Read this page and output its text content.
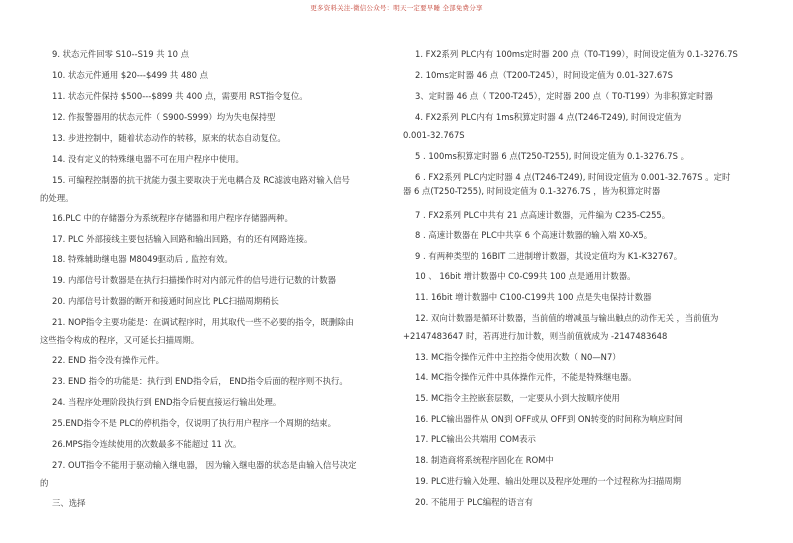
更多资料关注-微信公众号：明天一定要早睡 全部免费分享
9. 状态元件回零 S10--S19 共 10 点
10. 状态元件通用 $20---$499 共 480 点
11. 状态元件保持 $500---$899 共 400 点，需要用 RST指令复位。
12. 作报警器用的状态元件（ S900-S999）均为失电保持型
13. 步进控制中，随着状态动作的转移，原来的状态自动复位。
14. 没有定义的特殊继电器不可在用户程序中使用。
15. 可编程控制器的抗干扰能力强主要取决于光电耦合及 RC滤波电路对输入信号
的处理。
16.PLC 中的存储器分为系统程序存储器和用户程序存储器两种。
17. PLC 外部接线主要包括输入回路和输出回路，有的还有网路连接。
18. 特殊辅助继电器 M8049驱动后 , 监控有效。
19. 内部信号计数器是在执行扫描操作时对内部元件的信号进行记数的计数器
20. 内部信号计数器的断开和接通时间应比 PLC扫描周期稍长
21. NOP指令主要功能是：在调试程序时，用其取代一些不必要的指令，既删除由
这些指令构成的程序，又可延长扫描周期。
22. END 指令没有操作元件。
23. END 指令的功能是：执行到 END指令后， END指令后面的程序则不执行。
24. 当程序处理阶段执行到 END指令后便直接运行输出处理。
25.END指令不是 PLC的停机指令，仅说明了执行用户程序一个周期的结束。
26.MPS指令连续使用的次数最多不能超过 11 次。
27. OUT指令不能用于驱动输入继电器， 因为输入继电器的状态是由输入信号决定
的
三、选择
1. FX2系列 PLC内有 100ms定时器 200 点（T0-T199），时间设定值为 0.1-3276.7S
2. 10ms定时器 46 点（T200-T245），时间设定值为 0.01-327.67S
3、定时器 46 点（ T200-T245），定时器 200 点（ T0-T199）为非积算定时器
4. FX2系列 PLC内有 1ms积算定时器 4 点(T246-T249), 时间设定值为
0.001-32.767S
5 . 100ms积算定时器 6 点(T250-T255), 时间设定值为 0.1-3276.7S 。
6 . FX2系列 PLC内定时器 4 点(T246-T249), 时间设定值为 0.001-32.767S 。定时
器 6 点(T250-T255), 时间设定值为 0.1-3276.7S ，皆为积算定时器
7 . FX2系列 PLC中共有 21 点高速计数器，元件编为 C235-C255。
8 . 高速计数器在 PLC中共享 6 个高速计数器的输入端 X0-X5。
9 . 有两种类型的 16BIT 二进制增计数器，其设定值均为 K1-K32767。
10 、 16bit 增计数器中 C0-C99共 100 点是通用计数器。
11. 16bit 增计数器中 C100-C199共 100 点是失电保持计数器
12. 双向计数器是循环计数器，当前值的增减虽与输出触点的动作无关 ，当前值为
+2147483647 时，若再进行加计数，则当前值就成为 -2147483648
13. MC指令操作元件中主控指令使用次数（ N0—N7）
14. MC指令操作元件中具体操作元件，不能是特殊继电器。
15. MC指令主控嵌套层数，一定要从小到大按顺序使用
16. PLC输出器件从 ON到 OFF或从 OFF到 ON转变的时间称为响应时间
17. PLC输出公共端用 COM表示
18. 制造商将系统程序固化在 ROM中
19. PLC进行输入处理、输出处理以及程序处理的一个过程称为扫描周期
20. 不能用于 PLC编程的语言有
